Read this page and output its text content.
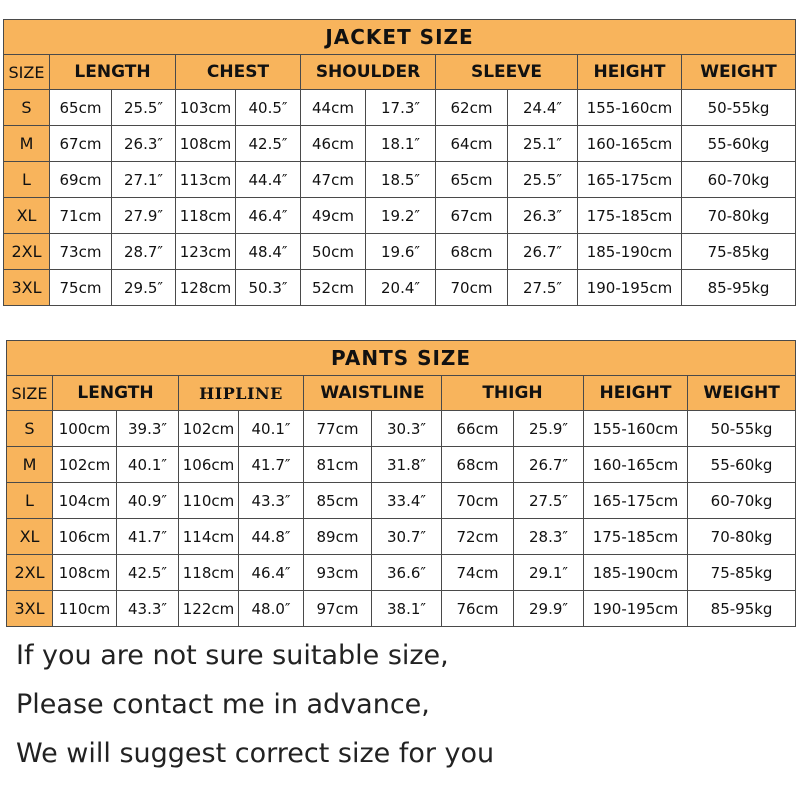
JACKET SIZE										
SIZE	LENGTH		CHEST		SHOULDER		SLEEVE		HEIGHT	WEIGHT
S	65cm	25.5″	103cm	40.5″	44cm	17.3″	62cm	24.4″	155-160cm	50-55kg
M	67cm	26.3″	108cm	42.5″	46cm	18.1″	64cm	25.1″	160-165cm	55-60kg
L	69cm	27.1″	113cm	44.4″	47cm	18.5″	65cm	25.5″	165-175cm	60-70kg
XL	71cm	27.9″	118cm	46.4″	49cm	19.2″	67cm	26.3″	175-185cm	70-80kg
2XL	73cm	28.7″	123cm	48.4″	50cm	19.6″	68cm	26.7″	185-190cm	75-85kg
3XL	75cm	29.5″	128cm	50.3″	52cm	20.4″	70cm	27.5″	190-195cm	85-95kg
PANTS SIZE										
SIZE	LENGTH		HIPLINE		WAISTLINE		THIGH		HEIGHT	WEIGHT
S	100cm	39.3″	102cm	40.1″	77cm	30.3″	66cm	25.9″	155-160cm	50-55kg
M	102cm	40.1″	106cm	41.7″	81cm	31.8″	68cm	26.7″	160-165cm	55-60kg
L	104cm	40.9″	110cm	43.3″	85cm	33.4″	70cm	27.5″	165-175cm	60-70kg
XL	106cm	41.7″	114cm	44.8″	89cm	30.7″	72cm	28.3″	175-185cm	70-80kg
2XL	108cm	42.5″	118cm	46.4″	93cm	36.6″	74cm	29.1″	185-190cm	75-85kg
3XL	110cm	43.3″	122cm	48.0″	97cm	38.1″	76cm	29.9″	190-195cm	85-95kg

If you are not sure suitable size,

Please contact me in advance,

We will suggest correct size for you
